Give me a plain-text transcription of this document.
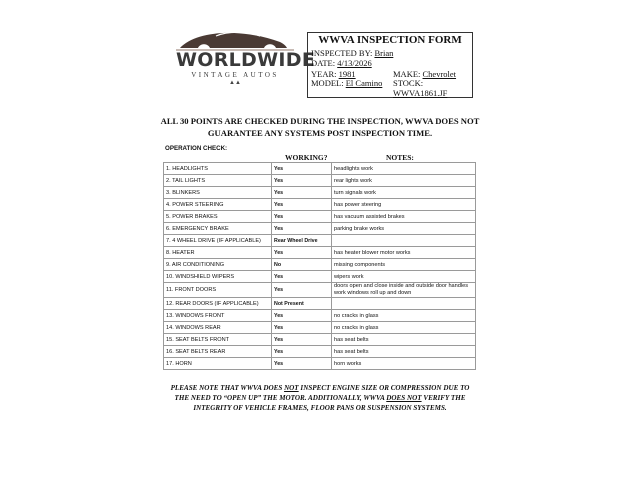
WORLDWIDE
VINTAGE AUTOS
▲▲
WWVA INSPECTION FORM
INSPECTED BY: Brian
DATE: 4/13/2026
YEAR: 1981	MAKE: Chevrolet
MODEL: El Camino STOCK:
WWVA1861.JF
ALL 30 POINTS ARE CHECKED DURING THE INSPECTION, WWVA DOES NOT
GUARANTEE ANY SYSTEMS POST INSPECTION TIME.
OPERATION CHECK:
WORKING?	NOTES:
1. HEADLIGHTS	Yes	headlights work
2. TAIL LIGHTS	Yes	rear lights work
3. BLINKERS	Yes	turn signals work
4. POWER STEERING	Yes	has power steering
5. POWER BRAKES	Yes	has vacuum assisted brakes
6. EMERGENCY BRAKE	Yes	parking brake works
7. 4 WHEEL DRIVE (IF APPLICABLE)	Rear Wheel Drive	
8. HEATER	Yes	has heater blower motor works
9. AIR CONDITIONING	No	missing components
10. WINDSHIELD WIPERS	Yes	wipers work
11. FRONT DOORS	Yes	doors open and close inside and outside door handles work windows roll up and down
12. REAR DOORS (IF APPLICABLE)	Not Present	
13. WINDOWS FRONT	Yes	no cracks in glass
14. WINDOWS REAR	Yes	no cracks in glass
15. SEAT BELTS FRONT	Yes	has seat belts
16. SEAT BELTS REAR	Yes	has seat belts
17. HORN	Yes	horn works
PLEASE NOTE THAT WWVA DOES NOT INSPECT ENGINE SIZE OR COMPRESSION DUE TO
THE NEED TO “OPEN UP” THE MOTOR. ADDITIONALLY, WWVA DOES NOT VERIFY THE
INTEGRITY OF VEHICLE FRAMES, FLOOR PANS OR SUSPENSION SYSTEMS.
